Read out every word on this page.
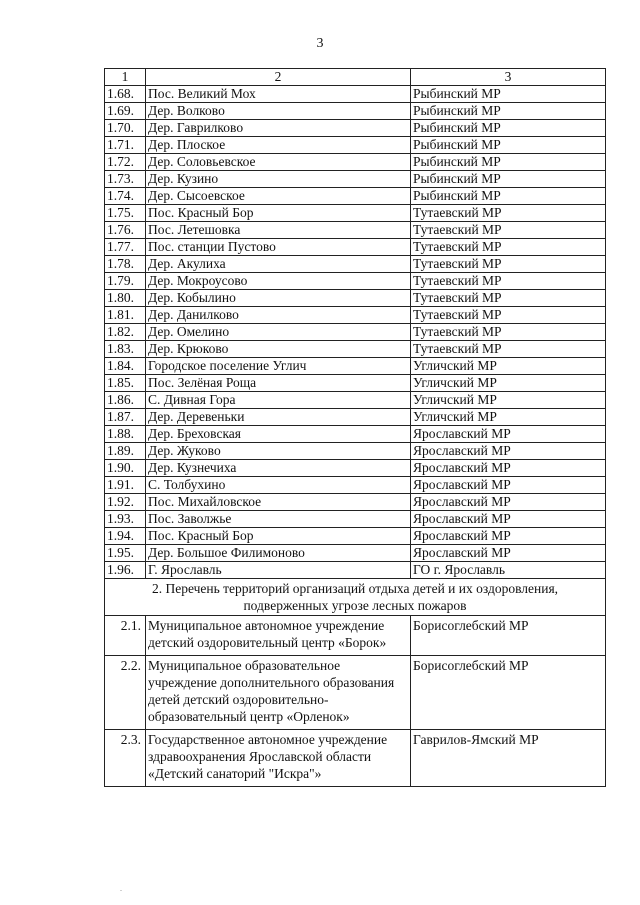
3
1	2	3
1.68.	Пос. Великий Мох	Рыбинский МР
1.69.	Дер. Волково	Рыбинский МР
1.70.	Дер. Гаврилково	Рыбинский МР
1.71.	Дер. Плоское	Рыбинский МР
1.72.	Дер. Соловьевское	Рыбинский МР
1.73.	Дер. Кузино	Рыбинский МР
1.74.	Дер. Сысоевское	Рыбинский МР
1.75.	Пос. Красный Бор	Тутаевский МР
1.76.	Пос. Летешовка	Тутаевский МР
1.77.	Пос. станции Пустово	Тутаевский МР
1.78.	Дер. Акулиха	Тутаевский МР
1.79.	Дер. Мокроусово	Тутаевский МР
1.80.	Дер. Кобылино	Тутаевский МР
1.81.	Дер. Данилково	Тутаевский МР
1.82.	Дер. Омелино	Тутаевский МР
1.83.	Дер. Крюково	Тутаевский МР
1.84.	Городское поселение Углич	Угличский МР
1.85.	Пос. Зелёная Роща	Угличский МР
1.86.	С. Дивная Гора	Угличский МР
1.87.	Дер. Деревеньки	Угличский МР
1.88.	Дер. Бреховская	Ярославский МР
1.89.	Дер. Жуково	Ярославский МР
1.90.	Дер. Кузнечиха	Ярославский МР
1.91.	С. Толбухино	Ярославский МР
1.92.	Пос. Михайловское	Ярославский МР
1.93.	Пос. Заволжье	Ярославский МР
1.94.	Пос. Красный Бор	Ярославский МР
1.95.	Дер. Большое Филимоново	Ярославский МР
1.96.	Г. Ярославль	ГО г. Ярославль
2. Перечень территорий организаций отдыха детей и их оздоровления, подверженных угрозе лесных пожаров		
2.1.	Муниципальное автономное учреждение детский оздоровительный центр «Борок»	Борисоглебский МР
2.2.	Муниципальное образовательное учреждение дополнительного образования детей детский оздоровительно-образовательный центр «Орленок»	Борисоглебский МР
2.3.	Государственное автономное учреждение здравоохранения Ярославской области «Детский санаторий "Искра"»	Гаврилов-Ямский МР
.
